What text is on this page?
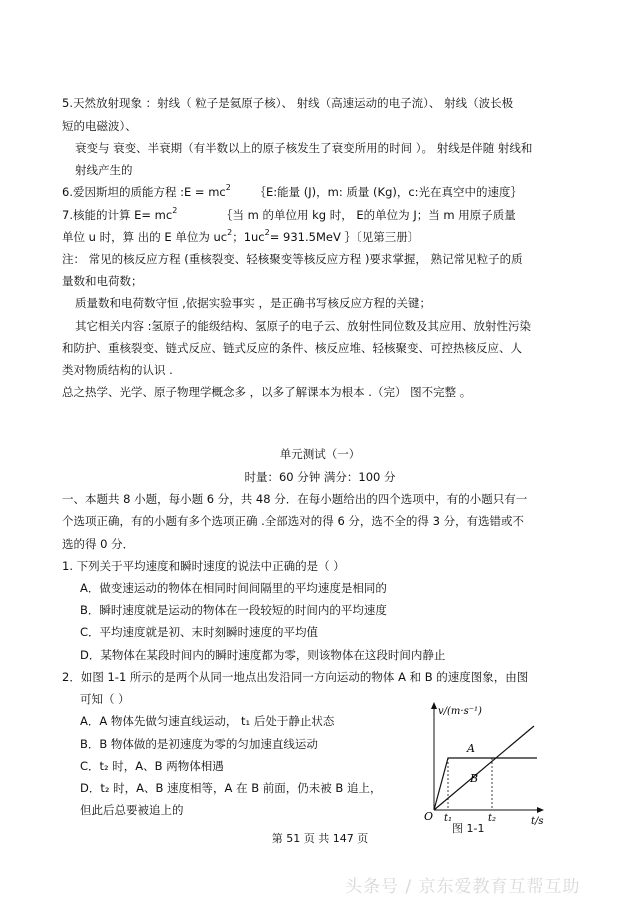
5.天然放射现象 ：射线（ 粒子是氦原子核）、 射线（高速运动的电子流）、 射线（波长极
短的电磁波）、
衰变与 衰变、半衰期（有半数以上的原子核发生了衰变所用的时间 ）。 射线是伴随 射线和
射线产生的
6.爱因斯坦的质能方程 :E = $mc^2$ ｛E:能量 (J)，m: 质量 (Kg)，c:光在真空中的速度｝
7.核能的计算 $E= mc^2$	｛当 m 的单位用 kg 时， E的单位为 J；当 m 用原子质量
单位 u 时，算 出的 E 单位为 $uc^2$；$1uc^2= 931.5MeV$ ｝〔见第三册〕
注： 常见的核反应方程 (重核裂变、轻核聚变等核反应方程 )要求掌握， 熟记常见粒子的质
量数和电荷数；
质量数和电荷数守恒 ,依据实验事实 ，是正确书写核反应方程的关键；
其它相关内容 :氢原子的能级结构、氢原子的电子云、放射性同位数及其应用、放射性污染
和防护、重核裂变、链式反应、链式反应的条件、核反应堆、轻核聚变、可控热核反应、人
类对物质结构的认识 .
总之热学、光学、原子物理学概念多 ，以多了解课本为根本 .（完） 图不完整 。
单元测试（一）
时量：60 分钟 满分：100 分
一、本题共 8 小题，每小题 6 分，共 48 分．在每小题给出的四个选项中，有的小题只有一
个选项正确，有的小题有多个选项正确 .全部选对的得 6 分，选不全的得 3 分，有选错或不
选的得 0 分．
1. 下列关于平均速度和瞬时速度的说法中正确的是（ ）
A．做变速运动的物体在相同时间间隔里的平均速度是相同的
B．瞬时速度就是运动的物体在一段较短的时间内的平均速度
C．平均速度就是初、末时刻瞬时速度的平均值
D．某物体在某段时间内的瞬时速度都为零，则该物体在这段时间内静止
2．如图 1-1 所示的是两个从同一地点出发沿同一方向运动的物体 A 和 B 的速度图象，由图
可知（ ）
A．A 物体先做匀速直线运动， t₁ 后处于静止状态
B．B 物体做的是初速度为零的匀加速直线运动
C．t₂ 时，A、B 两物体相遇
D．t₂ 时，A、B 速度相等，A 在 B 前面，仍未被 B 追上，
但此后总要被追上的
v/(m·s⁻¹)
t/s
O t₁	t₂
A
B
图 1-1
第 51 页 共 147 页
头条号 / 京东爱教育互帮互助
